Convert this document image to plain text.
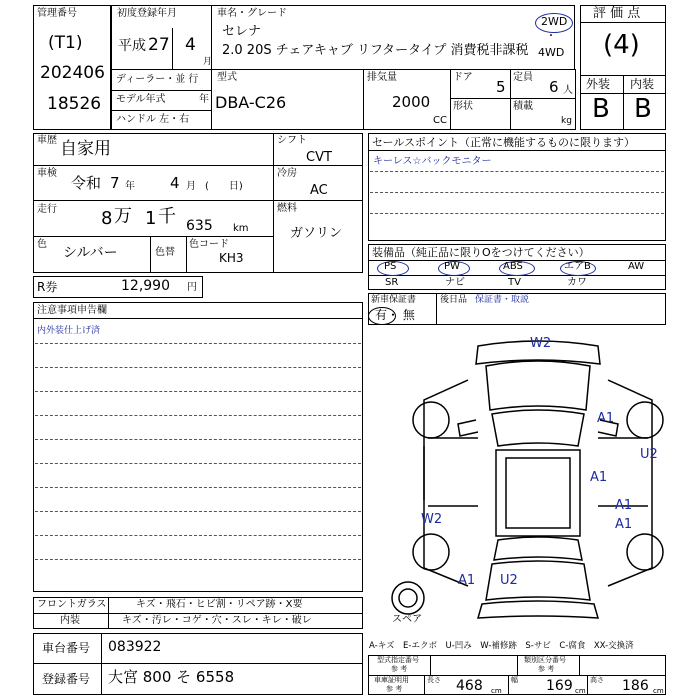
管理番号
(T1)
202406
18526
初度登録年月
平成 27 4
月
車名・グレード
セレナ
2.0 20S チェアキャブ リフタータイプ 消費税非課税
2WD
・
4WD
ディーラー・並 行
モデル年式	年
ハンドル 左・右
型式
DBA-C26
排気量
2000
CC
ドア
5
形状
定員
6 人
積載
kg
評 価 点
(4)
外装 内装
B B
車歴 自家用
車検
令和 7 年 4 月 (　　日)
走行 8 万 1 千 635 km
色
シルバー	色替
色コード
KH3
シフト
CVT
冷房
AC
燃料
ガソリン
R券	12,990 円
注意事項申告欄
内外装仕上げ済
フロントガラス	キズ・飛石・ヒビ割・リペア跡・X要
内装	キズ・汚レ・コゲ・穴・スレ・キレ・破レ
車台番号 083922
登録番号 大宮 800 そ 6558
セールスポイント（正常に機能するものに限ります）
キーレス☆バックモニター
装備品（純正品に限りOをつけてください）
PS	PW	ABS	エアB	AW
SR	ナビ	TV	カワ
新車保証書
有・ 無
後日品 保証書・取説
W2
A1
U2
A1
A1
A1
W2
A1 U2
スペア
A-キズ　E-エクボ　U-凹み　W-補修跡　S-サビ　C-腐食　XX-交換済
型式指定番号
参 考
類別区分番号
参 考
車庫証明用
参 考
長さ 468 cm
幅 169 cm
高さ 186 cm
